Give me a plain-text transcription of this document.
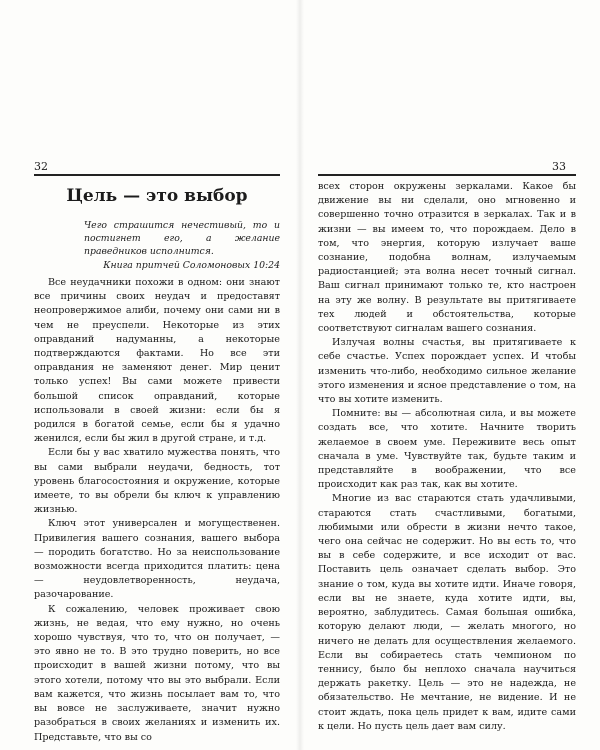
32
Цель — это выбор
Чего страшится нечестивый, то и постигнет его, а желание праведников исполнится.
Книга притчей Соломоновых 10:24

Все неудачники похожи в одном: они знают все причины своих неудач и предоставят неопровержимое алиби, почему они сами ни в чем не преуспели. Некоторые из этих оправданий надуманны, а некоторые подтверждаются фактами. Но все эти оправдания не заменяют денег. Мир ценит только успех! Вы сами можете привести большой список оправданий, которые использовали в своей жизни: если бы я родился в богатой семье, если бы я удачно женился, если бы жил в другой стране, и т.д.

Если бы у вас хватило мужества понять, что вы сами выбрали неудачи, бедность, тот уровень благосостояния и окружение, которые имеете, то вы обрели бы ключ к управлению жизнью.

Ключ этот универсален и могущественен. Привилегия вашего сознания, вашего выбора — породить богатство. Но за неиспользование возможности всегда приходится платить: цена — неудовлетворенность, неудача, разочарование.

К сожалению, человек проживает свою жизнь, не ведая, что ему нужно, но очень хорошо чувствуя, что то, что он получает, — это явно не то. В это трудно поверить, но все происходит в вашей жизни потому, что вы этого хотели, потому что вы это выбрали. Если вам кажется, что жизнь посылает вам то, что вы вовсе не заслуживаете, значит нужно разобраться в своих желаниях и изменить их. Представьте, что вы со

33

всех сторон окружены зеркалами. Какое бы движение вы ни сделали, оно мгновенно и совершенно точно отразится в зеркалах. Так и в жизни — вы имеем то, что порождаем. Дело в том, что энергия, которую излучает ваше сознание, подобна волнам, излучаемым радиостанцией; эта волна несет точный сигнал. Ваш сигнал принимают только те, кто настроен на эту же волну. В результате вы притягиваете тех людей и обстоятельства, которые соответствуют сигналам вашего сознания.

Излучая волны счастья, вы притягиваете к себе счастье. Успех порождает успех. И чтобы изменить что-либо, необходимо сильное желание этого изменения и ясное представление о том, на что вы хотите изменить.

Помните: вы — абсолютная сила, и вы можете создать все, что хотите. Начните творить желаемое в своем уме. Переживите весь опыт сначала в уме. Чувствуйте так, будьте таким и представляйте в воображении, что все происходит как раз так, как вы хотите.

Многие из вас стараются стать удачливыми, стараются стать счастливыми, богатыми, любимыми или обрести в жизни нечто такое, чего она сейчас не содержит. Но вы есть то, что вы в себе содержите, и все исходит от вас. Поставить цель означает сделать выбор. Это знание о том, куда вы хотите идти. Иначе говоря, если вы не знаете, куда хотите идти, вы, вероятно, заблудитесь. Самая большая ошибка, которую делают люди, — желать многого, но ничего не делать для осуществления желаемого. Если вы собираетесь стать чемпионом по теннису, было бы неплохо сначала научиться держать ракетку. Цель — это не надежда, не обязательство. Не мечтание, не видение. И не стоит ждать, пока цель придет к вам, идите сами к цели. Но пусть цель дает вам силу.
